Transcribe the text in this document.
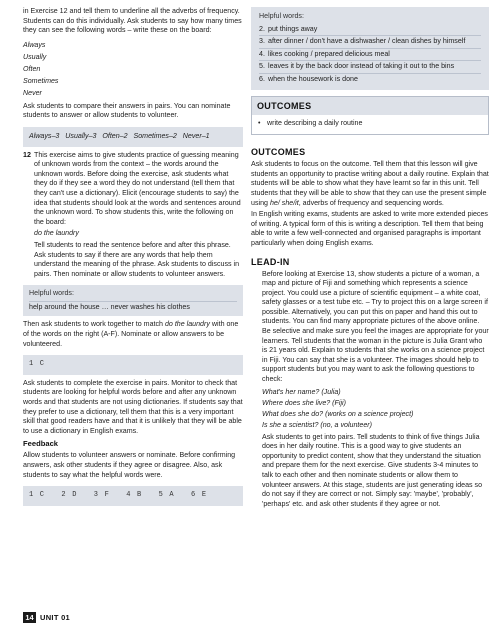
in Exercise 12 and tell them to underline all the adverbs of frequency. Students can do this individually. Ask students to say how many times they can see the following words – write these on the board:

Always

Usually

Often

Sometimes

Never

Ask students to compare their answers in pairs. You can nominate students to answer or allow students to volunteer.

Always–3   Usually–3   Often–2   Sometimes–2   Never–1

12 This exercise aims to give students practice of guessing meaning of unknown words from the context – the words around the unknown words. Before doing the exercise, ask students what they do if they see a word they do not understand (tell them that they can't use a dictionary). Elicit (encourage students to say) the idea that students should look at the words and sentences around the unknown word. To show students this, write the following on the board:

do the laundry

Tell students to read the sentence before and after this phrase. Ask students to say if there are any words that help them understand the meaning of the phrase. Ask students to discuss in pairs. Then nominate or allow students to volunteer answers.

Helpful words:

help around the house … never washes his clothes

Then ask students to work together to match do the laundry with one of the words on the right (A-F). Nominate or allow answers to be volunteered.

1 C

Ask students to complete the exercise in pairs. Monitor to check that students are looking for helpful words before and after any unknown words and that students are not using dictionaries. If students say that they prefer to use a dictionary, tell them that this is a very important skill that good readers have and that it is unlikely that they will be able to use a dictionary in English exams.

Feedback

Allow students to volunteer answers or nominate. Before confirming answers, ask other students if they agree or disagree. Also, ask students to say what the helpful words were.

1 C   2 D   3 F   4 B   5 A   6 E

Helpful words:

2. put things away
3. after dinner / don't have a dishwasher / clean dishes by himself
4. likes cooking / prepared delicious meal
5. leaves it by the back door instead of taking it out to the bins
6. when the housework is done
OUTCOMES
• write describing a daily routine

OUTCOMES

Ask students to focus on the outcome. Tell them that this lesson will give students an opportunity to practise writing about a daily routine. Explain that students will be able to show what they have learnt so far in this unit. Tell students that they will be able to show that they can use the present simple using he/ she/it, adverbs of frequency and sequencing words.

In English writing exams, students are asked to write more extended pieces of writing. A typical form of this is writing a description. Tell them that being able to write a few well-connected and organised paragraphs is important particularly when doing English exams.

LEAD-IN

Before looking at Exercise 13, show students a picture of a woman, a map and picture of Fiji and something which represents a science project. You could use a picture of scientific equipment – a white coat, safety glasses or a test tube etc. – Try to project this on a large screen if possible. Alternatively, you can put this on paper and hand this out to students. You can find many appropriate pictures of the above online. Be selective and make sure you feel the images are appropriate for your learners. Tell students that the woman in the picture is Julia Grant who is 21 years old. Explain to students that she works on a science project in Fiji. You can say that she is a volunteer. The images should help to support students but you may want to ask the following questions to check:

What's her name? (Julia)

Where does she live? (Fiji)

What does she do? (works on a science project)

Is she a scientist? (no, a volunteer)

Ask students to get into pairs. Tell students to think of five things Julia does in her daily routine. This is a good way to give students an opportunity to predict content, show that they understand the situation and prepare them for the next exercise. Give students 3-4 minutes to talk to each other and then nominate students or allow them to volunteer answers. At this stage, students are just generating ideas so do not say if they are correct or not. Simply say: 'maybe', 'probably', 'perhaps' etc. and ask other students if they agree or not.

14 UNIT 01
